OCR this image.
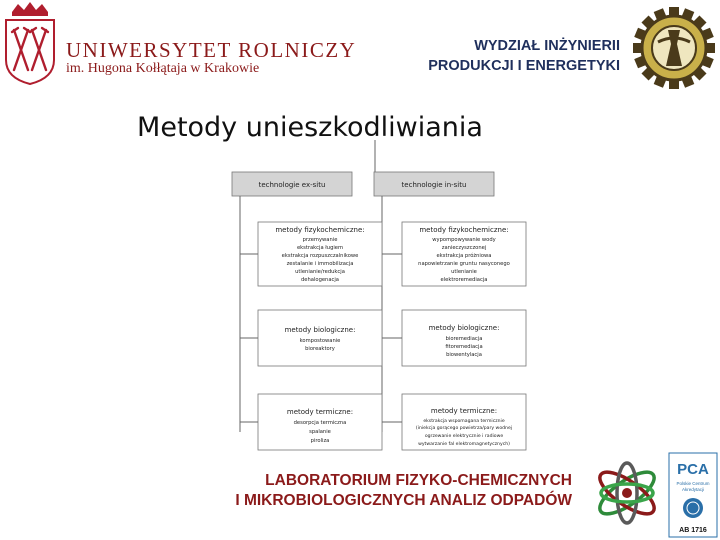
UNIWERSYTET ROLNICZY
im. Hugona Kołłątaja w Krakowie
WYDZIAŁ INŻYNIERII
PRODUKCJI I ENERGETYKI
Metody unieszkodliwiania
technologie ex-situ	technologie in-situ
metody fizykochemiczne:
przemywanie
ekstrakcja ługiem
ekstrakcja rozpuszczalnikowe
zestalanie i immobilizacja
utlenianie/redukcja
dehalogenacja
metody biologiczne:
kompostowanie
bioreaktory
metody termiczne:
desorpcja termiczna
spalanie
piroliza
metody fizykochemiczne:
wypompowywanie wody
zanieczyszczonej
ekstrakcja próżniowa
napowietrzanie gruntu nasyconego
utlenianie
elektroremediacja
metody biologiczne:
bioremediacja
fitoremediacja
biowentylacja
metody termiczne:
ekstrakcja wspomagana termicznie
(iniekcja gorącego powietrza/pary wodnej
ogrzewanie elektrycznie i radiowe
wytwarzanie fal elektromagnetycznych)
LABORATORIUM FIZYKO-CHEMICZNYCH
I MIKROBIOLOGICZNYCH ANALIZ ODPADÓW
PCA
Polskie Centrum
Akredytacji
AB 1716
